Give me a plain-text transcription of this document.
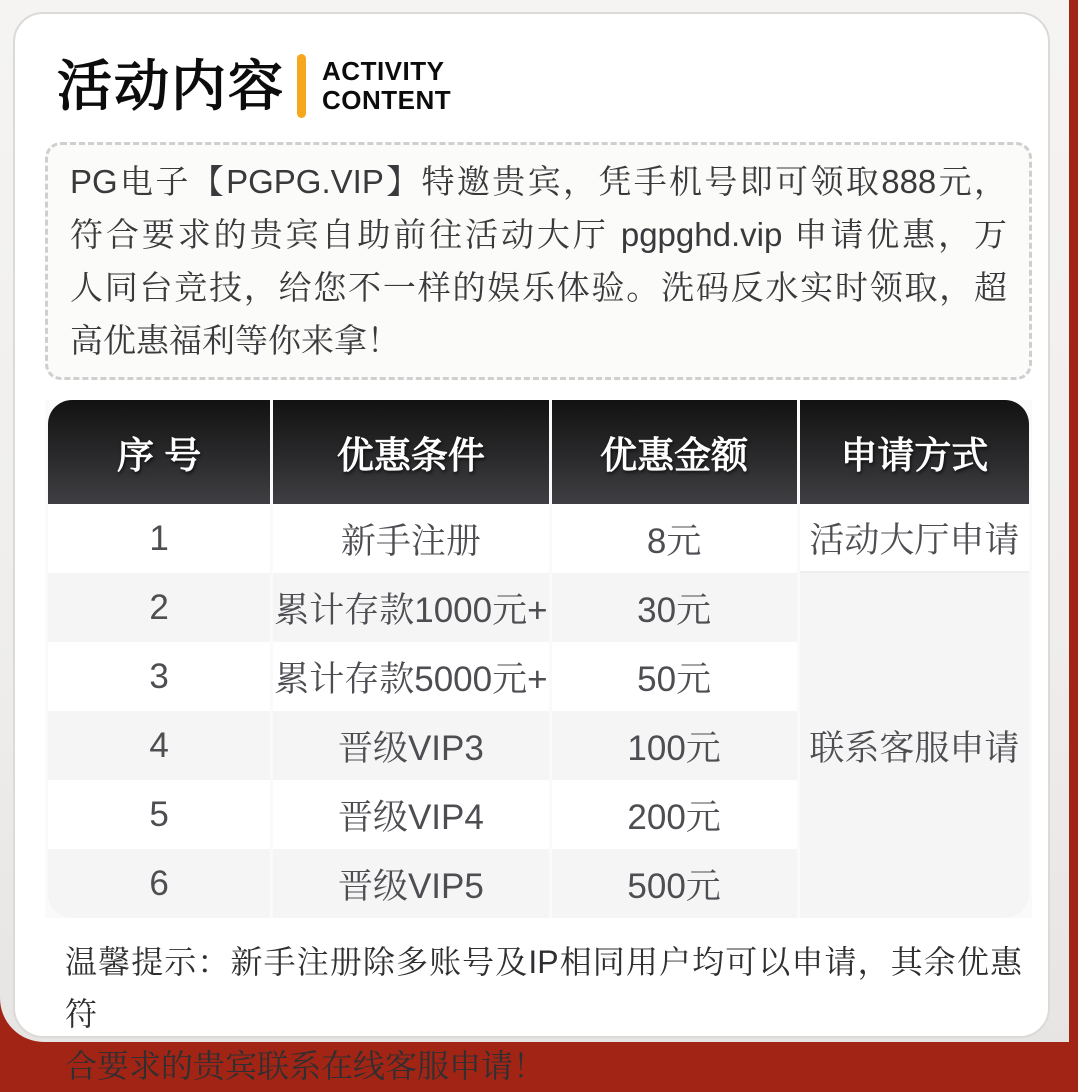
活动内容 ACTIVITY
CONTENT
PG电子【PGPG.VIP】特邀贵宾，凭手机号即可领取888元，
符合要求的贵宾自助前往活动大厅 pgpghd.vip 申请优惠，万
人同台竞技，给您不一样的娱乐体验。洗码反水实时领取，超
高优惠福利等你来拿！
序 号	优惠条件	优惠金额	申请方式
1	新手注册	8元	活动大厅申请
2	累计存款1000元+	30元	联系客服申请
3	累计存款5000元+	50元	
4	晋级VIP3	100元	
5	晋级VIP4	200元	
6	晋级VIP5	500元	
温馨提示：新手注册除多账号及IP相同用户均可以申请，其余优惠符
合要求的贵宾联系在线客服申请！
